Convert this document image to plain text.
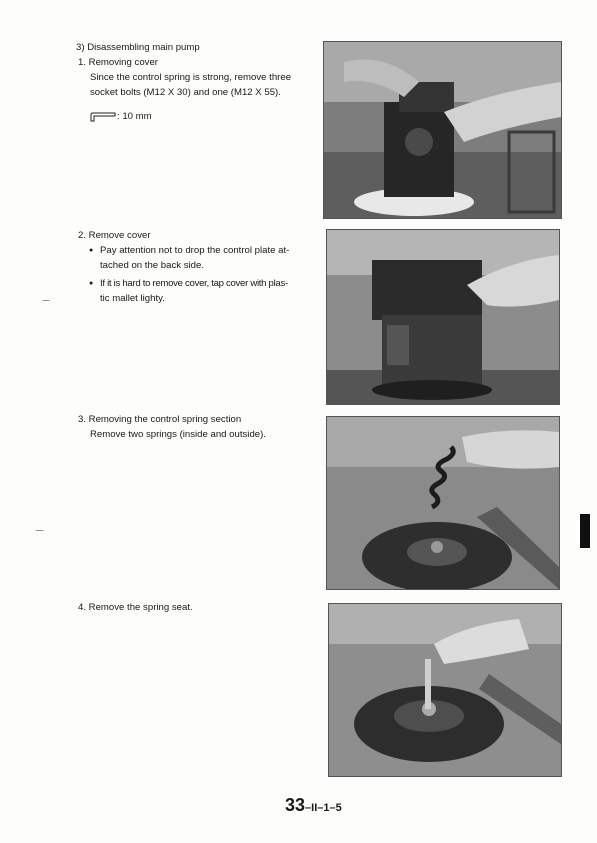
3) Disassembling main pump
1. Removing cover
Since the control spring is strong, remove three
socket bolts (M12 X 30) and one (M12 X 55).
: 10 mm
2. Remove cover
● Pay attention not to drop the control plate at-
tached on the back side.
● If it is hard to remove cover, tap cover with plas-
tic mallet lighty.
3. Removing the control spring section
Remove two springs (inside and outside).
4. Remove the spring seat.
33–II–1–5
